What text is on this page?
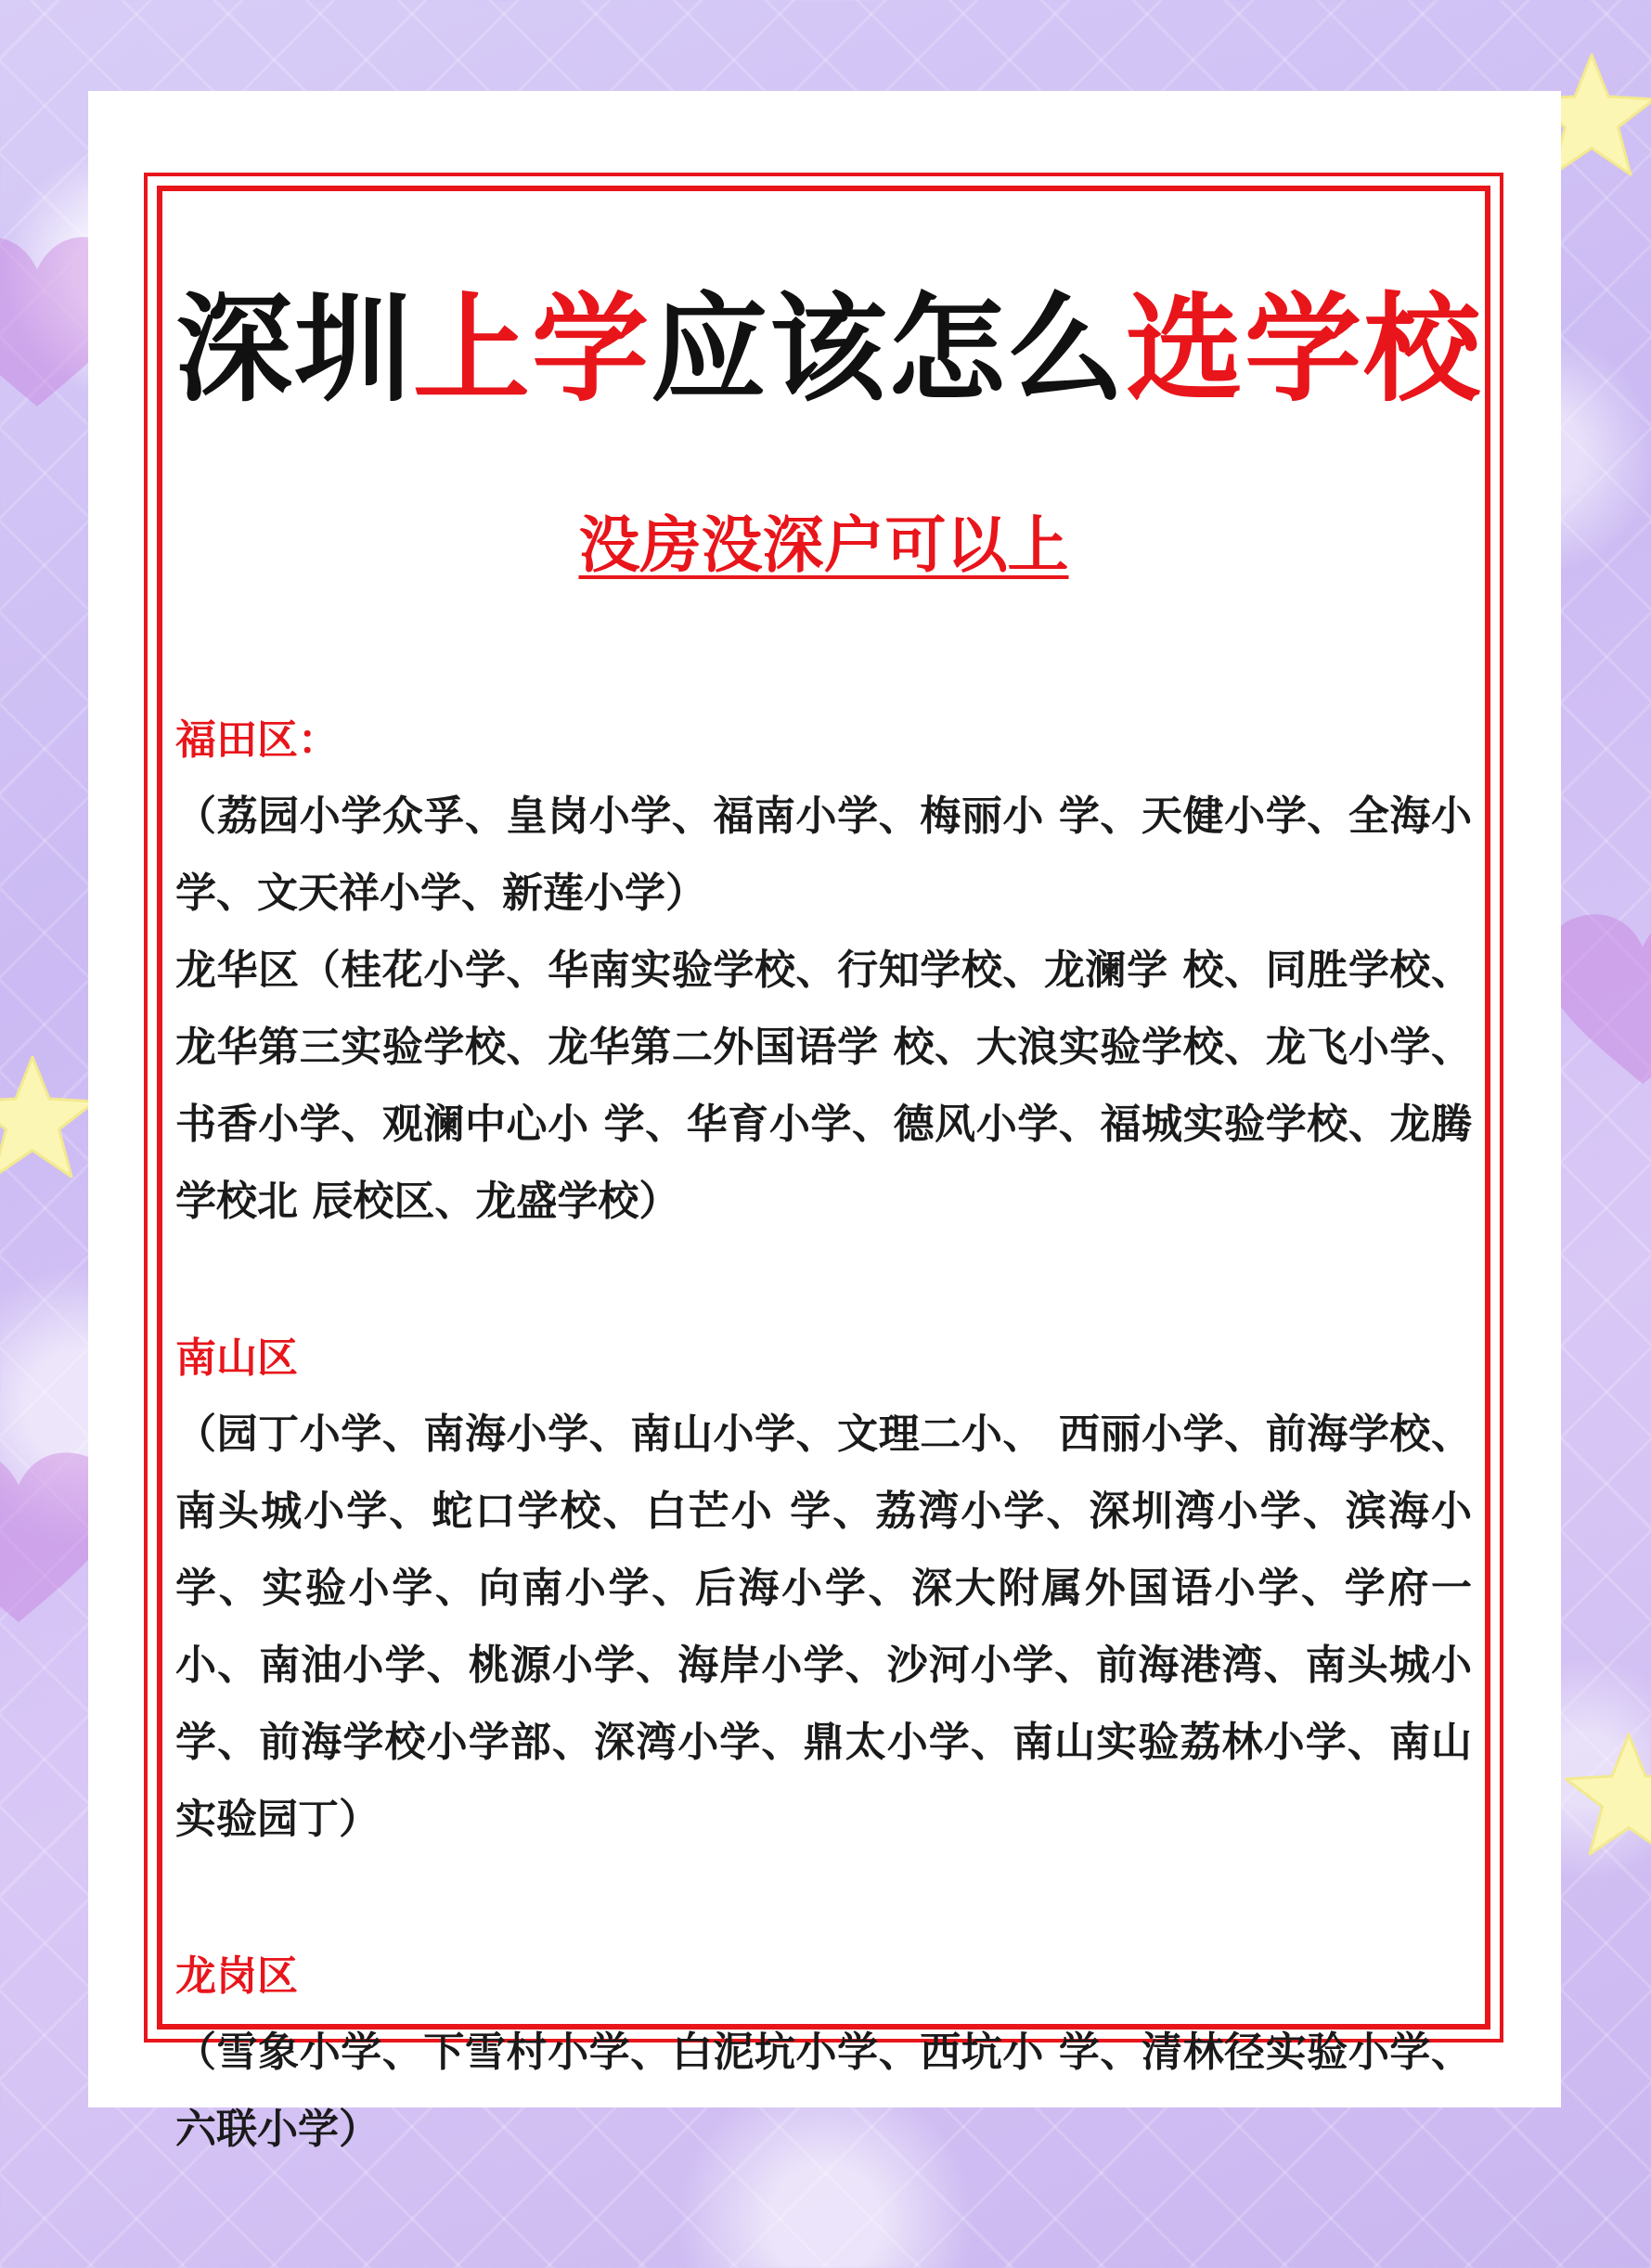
深圳上学应该怎么选学校
没房没深户可以上
福田区：
（荔园小学众孚、皇岗小学、福南小学、梅丽小 学、天健小学、全海小学、文天祥小学、新莲小学）
龙华区（桂花小学、华南实验学校、行知学校、龙澜学 校、同胜学校、龙华第三实验学校、龙华第二外国语学 校、大浪实验学校、龙飞小学、书香小学、观澜中心小 学、华育小学、德风小学、福城实验学校、龙腾学校北 辰校区、龙盛学校）
南山区
（园丁小学、南海小学、南山小学、文理二小、 西丽小学、前海学校、南头城小学、蛇口学校、白芒小 学、荔湾小学、深圳湾小学、滨海小学、实验小学、向南小学、后海小学、深大附属外国语小学、学府一小、南油小学、桃源小学、海岸小学、沙河小学、前海港湾、南头城小学、前海学校小学部、深湾小学、鼎太小学、南山实验荔林小学、南山实验园丁）
龙岗区
（雪象小学、下雪村小学、白泥坑小学、西坑小 学、清林径实验小学、六联小学）
